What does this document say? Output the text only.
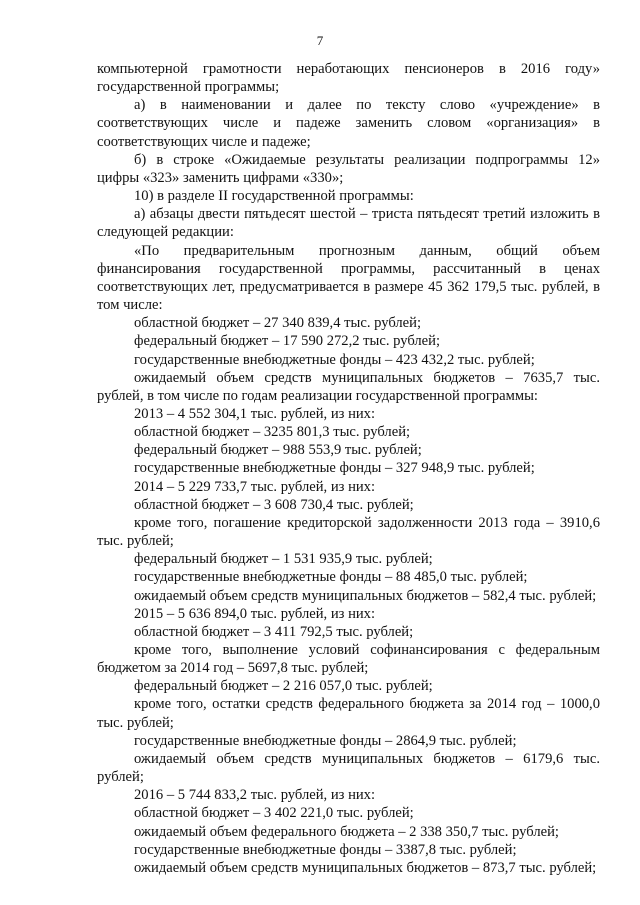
7

компьютерной грамотности неработающих пенсионеров в 2016 году» государственной программы;

а) в наименовании и далее по тексту слово «учреждение» в соответствующих числе и падеже заменить словом «организация» в соответствующих числе и падеже;

б) в строке «Ожидаемые результаты реализации подпрограммы 12» цифры «323» заменить цифрами «330»;

10) в разделе II государственной программы:

а) абзацы двести пятьдесят шестой – триста пятьдесят третий изложить в следующей редакции:

«По предварительным прогнозным данным, общий объем финансирования государственной программы, рассчитанный в ценах соответствующих лет, предусматривается в размере 45 362 179,5 тыс. рублей, в том числе:

областной бюджет – 27 340 839,4 тыс. рублей;

федеральный бюджет – 17 590 272,2 тыс. рублей;

государственные внебюджетные фонды – 423 432,2 тыс. рублей;

ожидаемый объем средств муниципальных бюджетов – 7635,7 тыс. рублей, в том числе по годам реализации государственной программы:

2013 – 4 552 304,1 тыс. рублей, из них:

областной бюджет – 3235 801,3 тыс. рублей;

федеральный бюджет – 988 553,9 тыс. рублей;

государственные внебюджетные фонды – 327 948,9 тыс. рублей;

2014 – 5 229 733,7 тыс. рублей, из них:

областной бюджет – 3 608 730,4 тыс. рублей;

кроме того, погашение кредиторской задолженности 2013 года – 3910,6 тыс. рублей;

федеральный бюджет – 1 531 935,9 тыс. рублей;

государственные внебюджетные фонды – 88 485,0 тыс. рублей;

ожидаемый объем средств муниципальных бюджетов – 582,4 тыс. рублей;

2015 – 5 636 894,0 тыс. рублей, из них:

областной бюджет – 3 411 792,5 тыс. рублей;

кроме того, выполнение условий софинансирования с федеральным бюджетом за 2014 год – 5697,8 тыс. рублей;

федеральный бюджет – 2 216 057,0 тыс. рублей;

кроме того, остатки средств федерального бюджета за 2014 год – 1000,0 тыс. рублей;

государственные внебюджетные фонды – 2864,9 тыс. рублей;

ожидаемый объем средств муниципальных бюджетов – 6179,6 тыс. рублей;

2016 – 5 744 833,2 тыс. рублей, из них:

областной бюджет – 3 402 221,0 тыс. рублей;

ожидаемый объем федерального бюджета – 2 338 350,7 тыс. рублей;

государственные внебюджетные фонды – 3387,8 тыс. рублей;

ожидаемый объем средств муниципальных бюджетов – 873,7 тыс. рублей;
